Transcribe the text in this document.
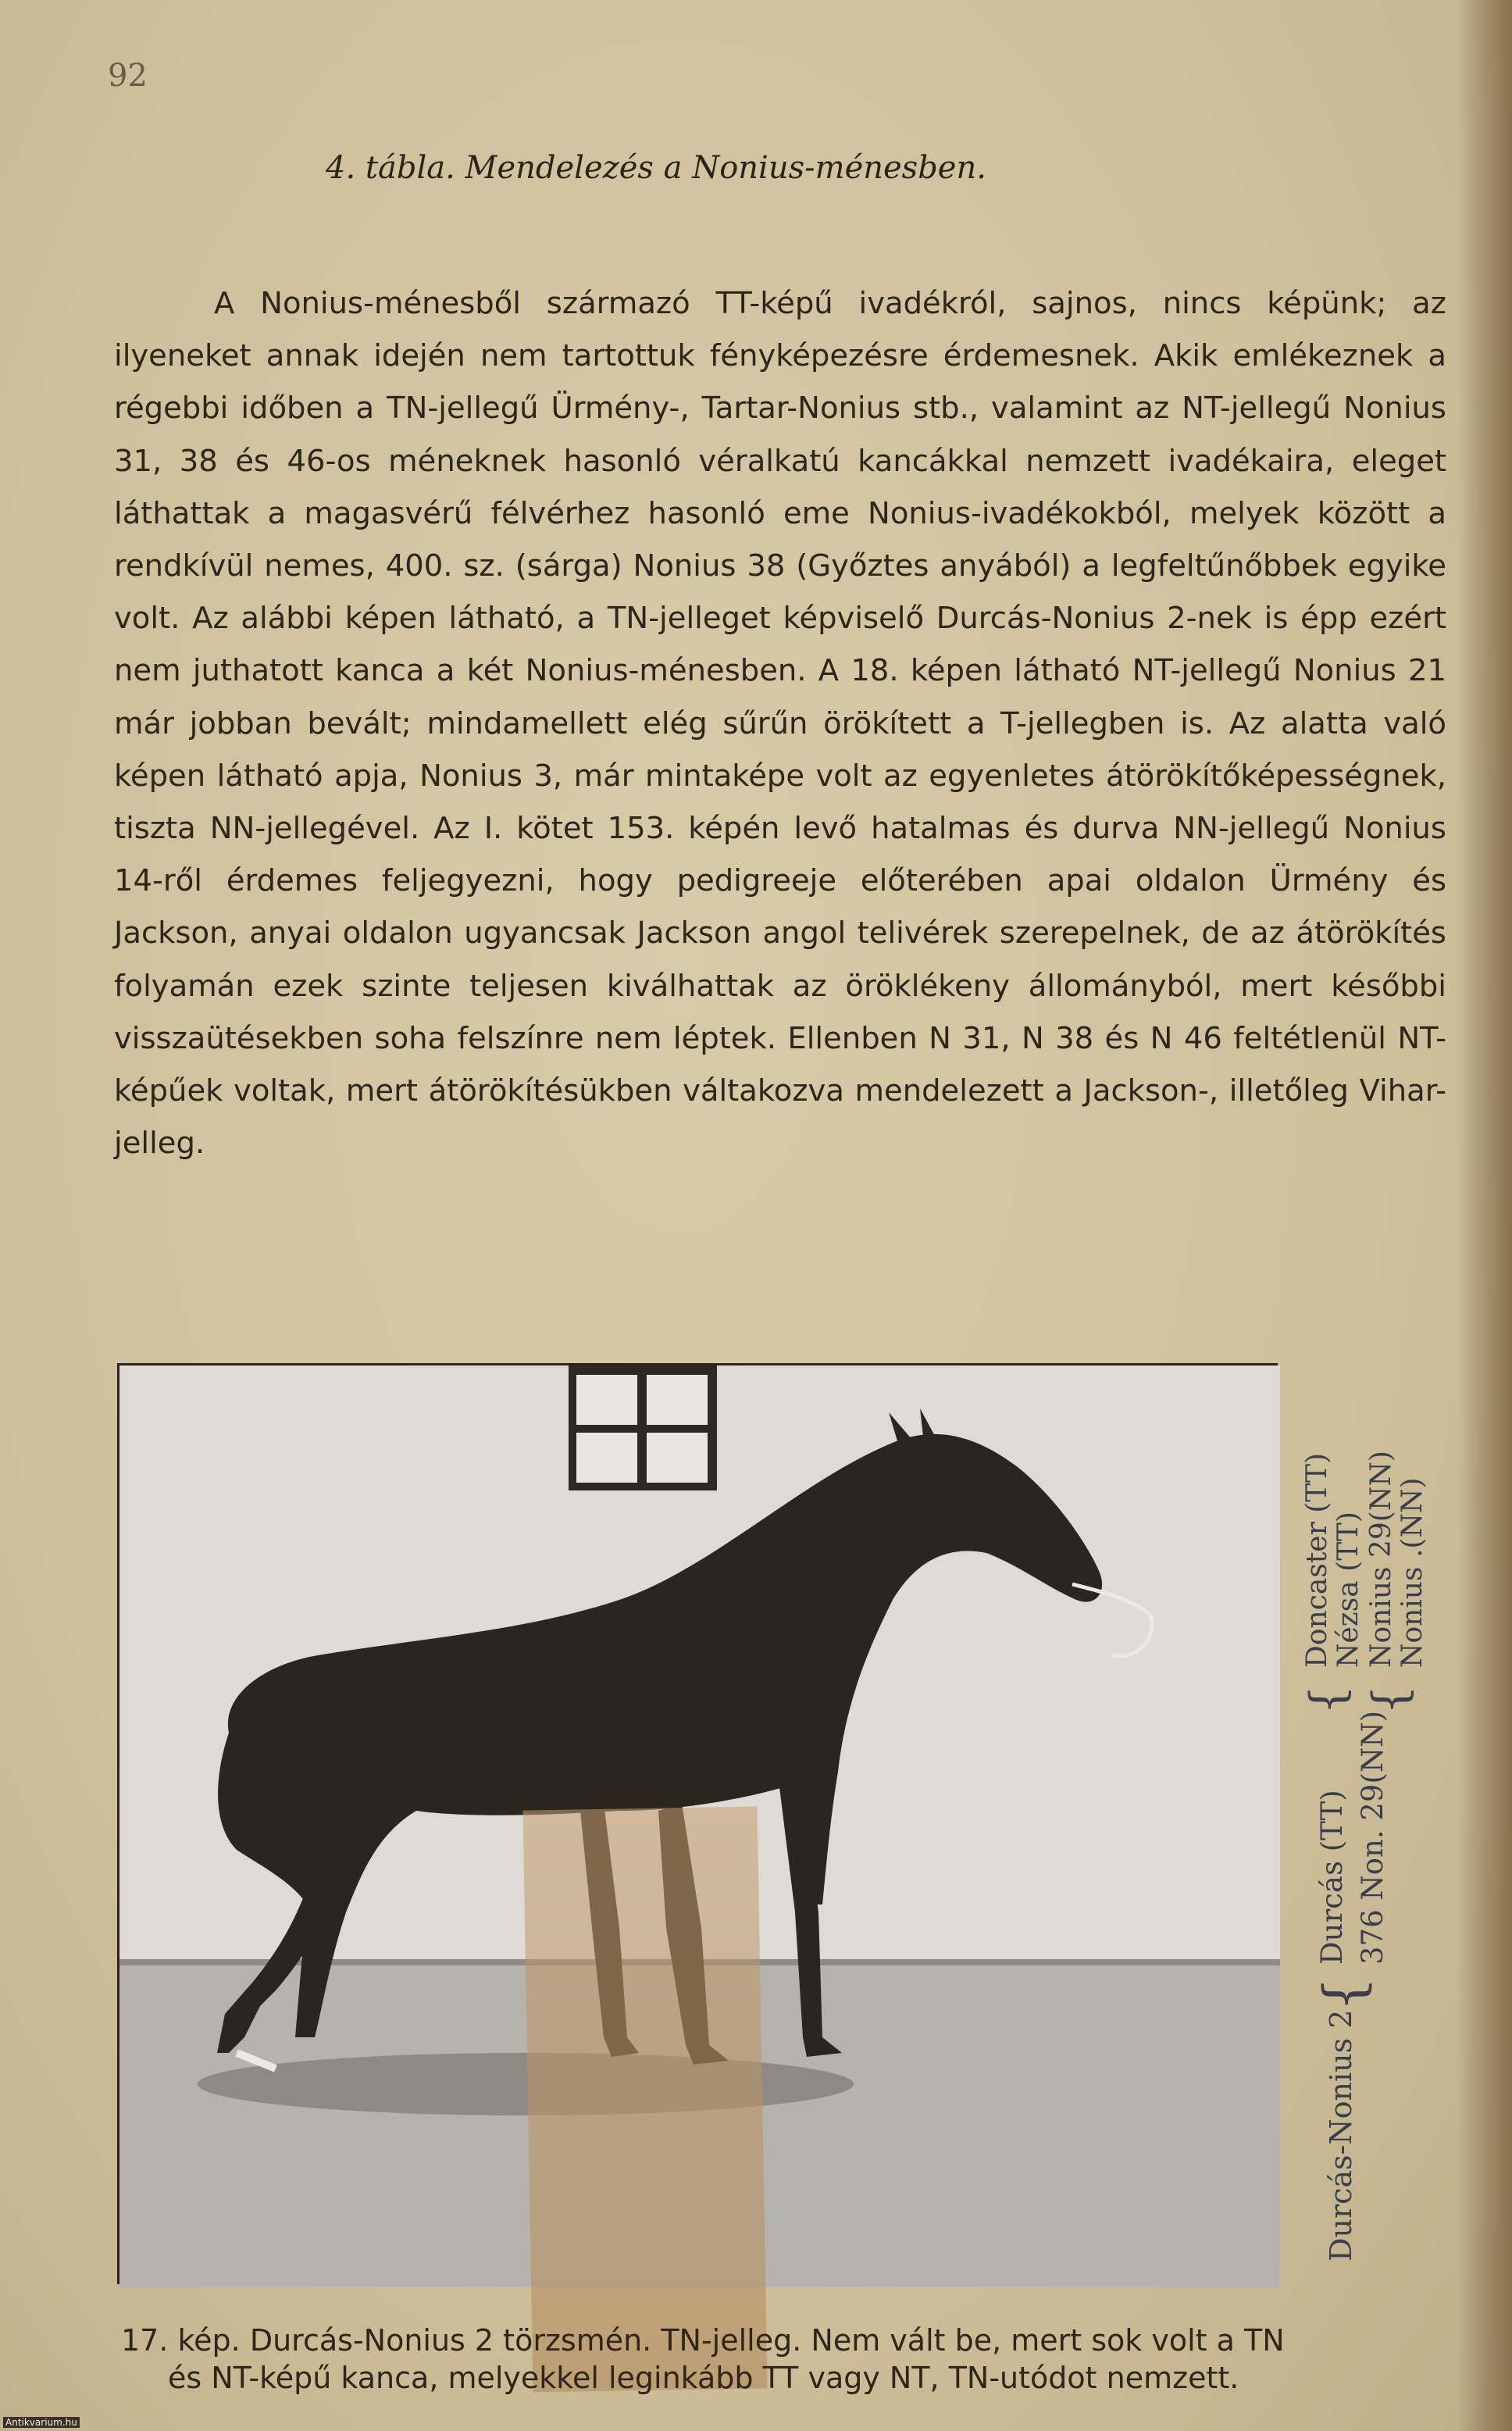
92
4. tábla. Mendelezés a Nonius-ménesben.

A Nonius-ménesből származó TT-képű ivadékról, sajnos, nincs képünk; az ilyeneket annak idején nem tartottuk fényképezésre érdemesnek. Akik emlékeznek a régebbi időben a TN-jellegű Ürmény-, Tartar-Nonius stb., valamint az NT-jellegű Nonius 31, 38 és 46-os méneknek hasonló véralkatú kancákkal nemzett ivadékaira, eleget láthattak a magasvérű félvérhez hasonló eme Nonius-ivadékokból, melyek között a rendkívül nemes, 400. sz. (sárga) Nonius 38 (Győztes anyából) a legfeltűnőbbek egyike volt. Az alábbi képen látható, a TN-jelleget képviselő Durcás-Nonius 2-nek is épp ezért nem juthatott kanca a két Nonius-ménesben. A 18. képen látható NT-jellegű Nonius 21 már jobban bevált; mindamellett elég sűrűn örökített a T-jellegben is. Az alatta való képen látható apja, Nonius 3, már mintaképe volt az egyenletes átörökítőképességnek, tiszta NN-jellegével. Az I. kötet 153. képén levő hatalmas és durva NN-jellegű Nonius 14-ről érdemes feljegyezni, hogy pedigreeje előterében apai oldalon Ürmény és Jackson, anyai oldalon ugyancsak Jackson angol telivérek szerepelnek, de az átörökítés folyamán ezek szinte teljesen kiválhattak az öröklékeny állományból, mert későbbi visszaütésekben soha felszínre nem léptek. Ellenben N 31, N 38 és N 46 feltétlenül NT-képűek voltak, mert átörökítésükben váltakozva mendelezett a Jackson-, illetőleg Vihar-jelleg.

17. kép. Durcás-Nonius 2 törzsmén. TN-jelleg. Nem vált be, mert sok volt a TN
és NT-képű kanca, melyekkel leginkább TT vagy NT, TN-utódot nemzett.

Durcás-Nonius 2
{
Durcás (TT) 376 Non. 29(NN)
{
Doncaster (TT) Nézsa (TT)
{
Nonius 29(NN) Nonius .(NN)
Antikvarium.hu
